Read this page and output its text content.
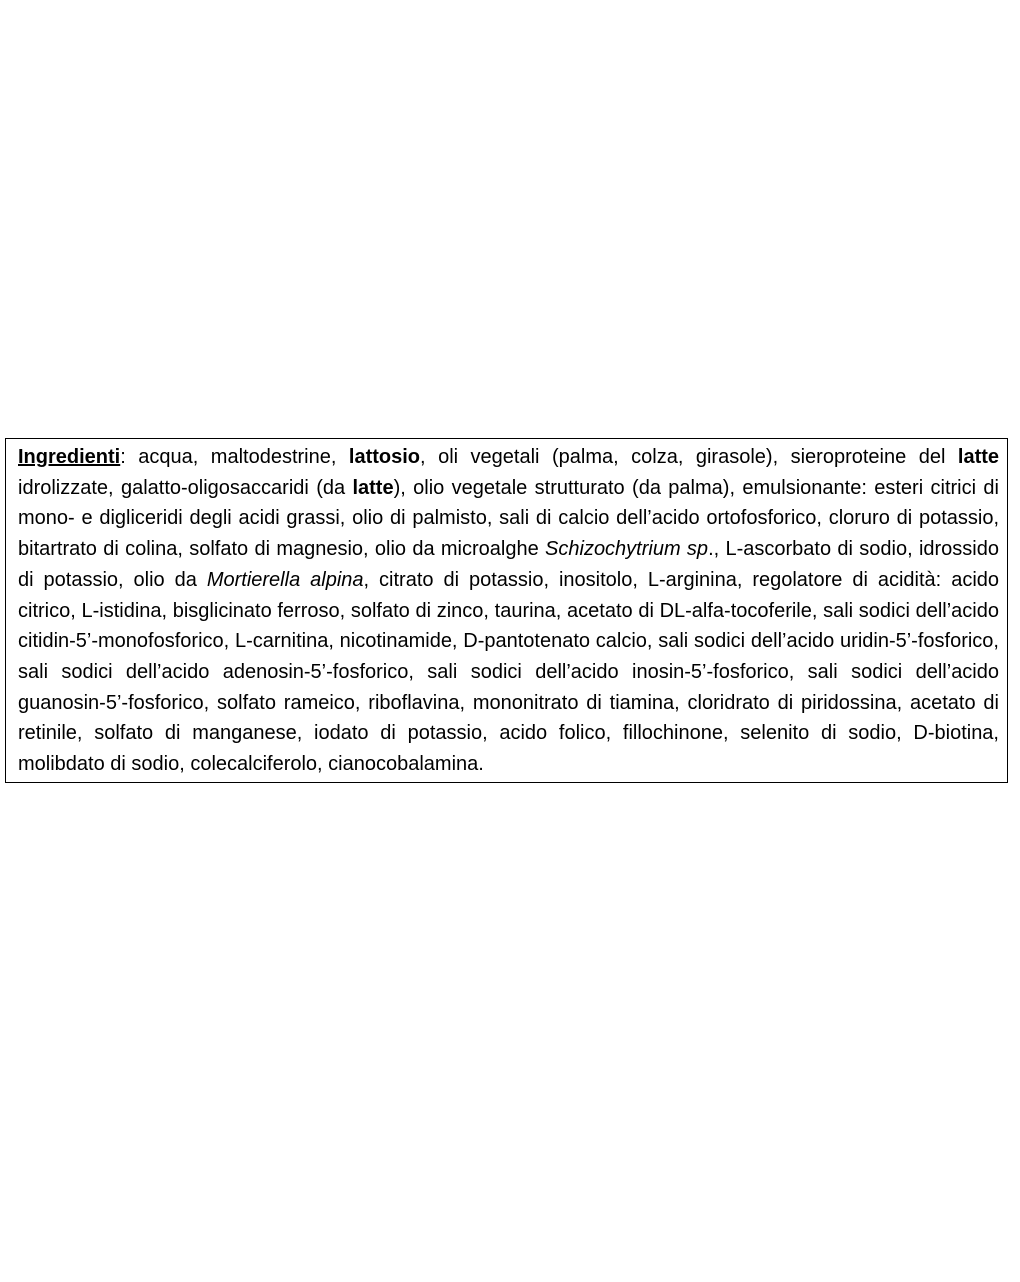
Ingredienti: acqua, maltodestrine, lattosio, oli vegetali (palma, colza, girasole), sieroproteine del latte idrolizzate, galatto-oligosaccaridi (da latte), olio vegetale strutturato (da palma), emulsionante: esteri citrici di mono- e digliceridi degli acidi grassi, olio di palmisto, sali di calcio dell’acido ortofosforico, cloruro di potassio, bitartrato di colina, solfato di magnesio, olio da microalghe Schizochytrium sp., L-ascorbato di sodio, idrossido di potassio, olio da Mortierella alpina, citrato di potassio, inositolo, L-arginina, regolatore di acidità: acido citrico, L-istidina, bisglicinato ferroso, solfato di zinco, taurina, acetato di DL-alfa-tocoferile, sali sodici dell’acido citidin-5’-monofosforico, L-carnitina, nicotinamide, D-pantotenato calcio, sali sodici dell’acido uridin-5’-fosforico, sali sodici dell’acido adenosin-5’-fosforico, sali sodici dell’acido inosin-5’-fosforico, sali sodici dell’acido guanosin-5’-fosforico, solfato rameico, riboflavina, mononitrato di tiamina, cloridrato di piridossina, acetato di retinile, solfato di manganese, iodato di potassio, acido folico, fillochinone, selenito di sodio, D-biotina, molibdato di sodio, colecalciferolo, cianocobalamina.
